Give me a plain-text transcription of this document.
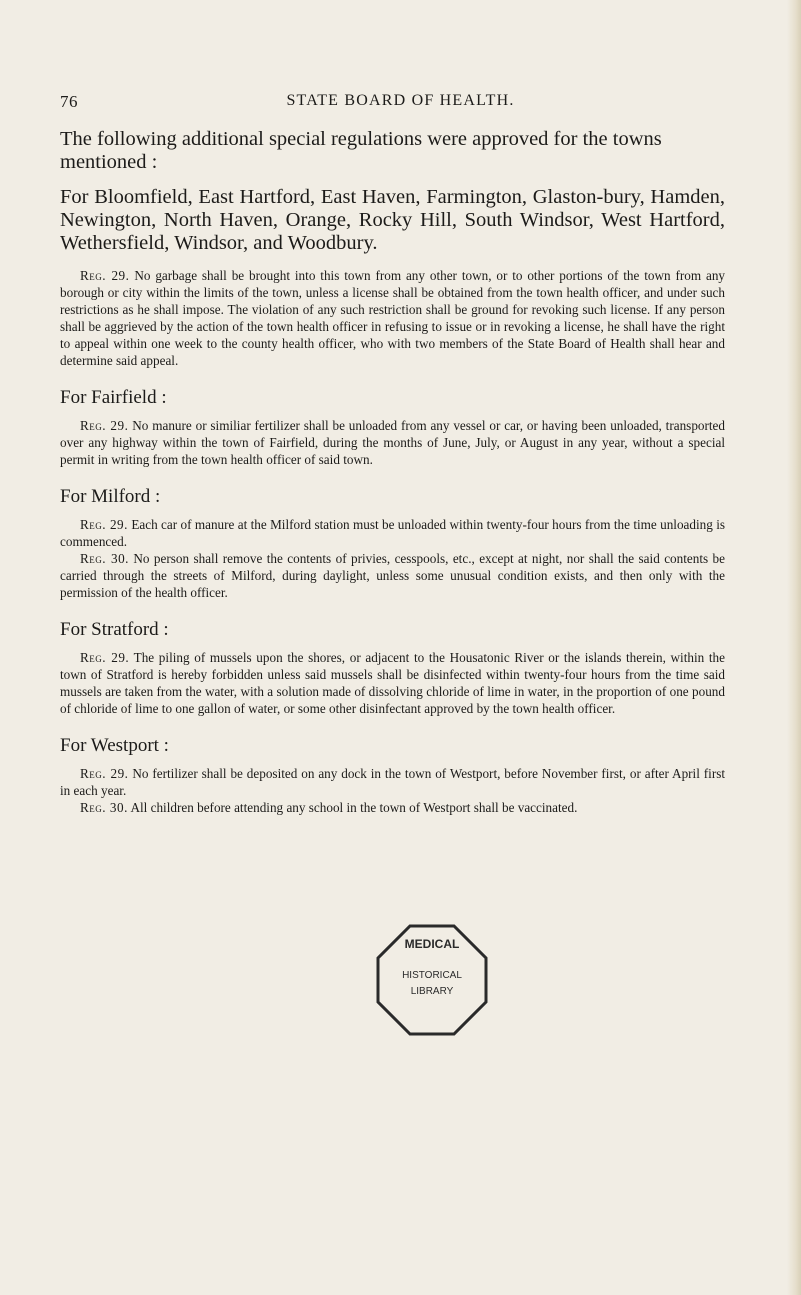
76	STATE BOARD OF HEALTH.

The following additional special regulations were approved for the towns mentioned :

For Bloomfield, East Hartford, East Haven, Farmington, Glaston-bury, Hamden, Newington, North Haven, Orange, Rocky Hill, South Windsor, West Hartford, Wethersfield, Windsor, and Woodbury.

Reg. 29. No garbage shall be brought into this town from any other town, or to other portions of the town from any borough or city within the limits of the town, unless a license shall be obtained from the town health officer, and under such restrictions as he shall impose. The violation of any such restriction shall be ground for revoking such license. If any person shall be aggrieved by the action of the town health officer in refusing to issue or in revoking a license, he shall have the right to appeal within one week to the county health officer, who with two members of the State Board of Health shall hear and determine said appeal.

For Fairfield :

Reg. 29. No manure or similiar fertilizer shall be unloaded from any vessel or car, or having been unloaded, transported over any highway within the town of Fairfield, during the months of June, July, or August in any year, without a special permit in writing from the town health officer of said town.

For Milford :

Reg. 29. Each car of manure at the Milford station must be unloaded within twenty-four hours from the time unloading is commenced.

Reg. 30. No person shall remove the contents of privies, cesspools, etc., except at night, nor shall the said contents be carried through the streets of Milford, during daylight, unless some unusual condition exists, and then only with the permission of the health officer.

For Stratford :

Reg. 29. The piling of mussels upon the shores, or adjacent to the Housatonic River or the islands therein, within the town of Stratford is hereby forbidden unless said mussels shall be disinfected within twenty-four hours from the time said mussels are taken from the water, with a solution made of dissolving chloride of lime in water, in the proportion of one pound of chloride of lime to one gallon of water, or some other disinfectant approved by the town health officer.

For Westport :

Reg. 29. No fertilizer shall be deposited on any dock in the town of Westport, before November first, or after April first in each year.

Reg. 30. All children before attending any school in the town of Westport shall be vaccinated.

MEDICAL
HISTORICAL
LIBRARY
